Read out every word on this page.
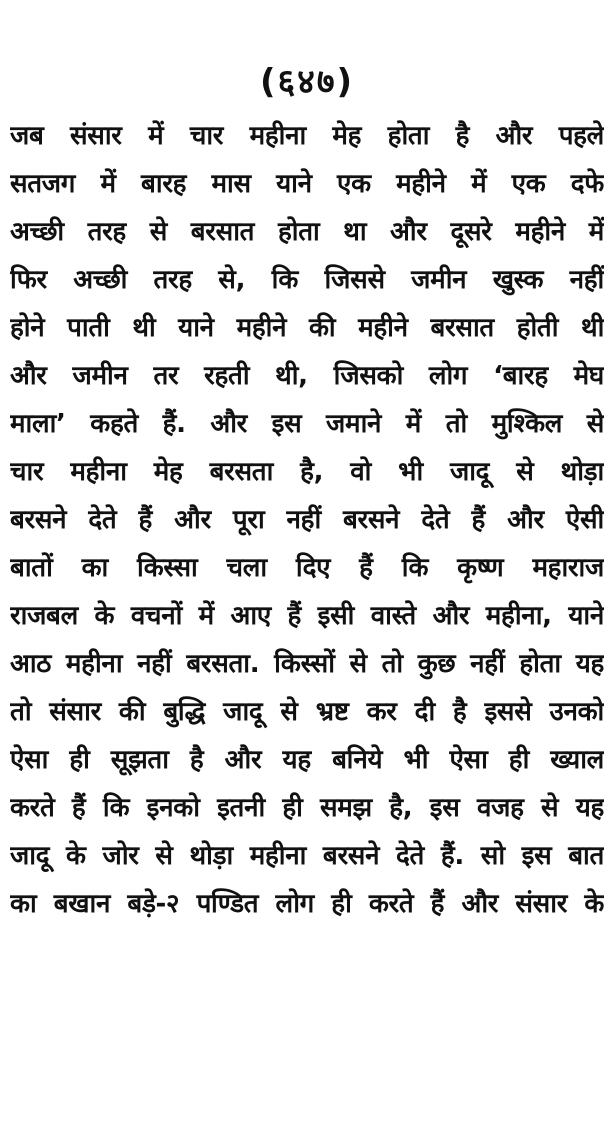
(६४७)
जब संसार में चार महीना मेह होता है और पहले
सतजग में बारह मास याने एक महीने में एक दफे
अच्छी तरह से बरसात होता था और दूसरे महीने में
फिर अच्छी तरह से, कि जिससे जमीन खुस्क नहीं
होने पाती थी याने महीने की महीने बरसात होती थी
और जमीन तर रहती थी, जिसको लोग ‘बारह मेघ
माला’ कहते हैं. और इस जमाने में तो मुश्किल से
चार महीना मेह बरसता है, वो भी जादू से थोड़ा
बरसने देते हैं और पूरा नहीं बरसने देते हैं और ऐसी
बातों का किस्सा चला दिए हैं कि कृष्ण महाराज
राजबल के वचनों में आए हैं इसी वास्ते और महीना, याने
आठ महीना नहीं बरसता. किस्सों से तो कुछ नहीं होता यह
तो संसार की बुद्धि जादू से भ्रष्ट कर दी है इससे उनको
ऐसा ही सूझता है और यह बनिये भी ऐसा ही ख्याल
करते हैं कि इनको इतनी ही समझ है, इस वजह से यह
जादू के जोर से थोड़ा महीना बरसने देते हैं. सो इस बात
का बखान बड़े-२ पण्डित लोग ही करते हैं और संसार के
